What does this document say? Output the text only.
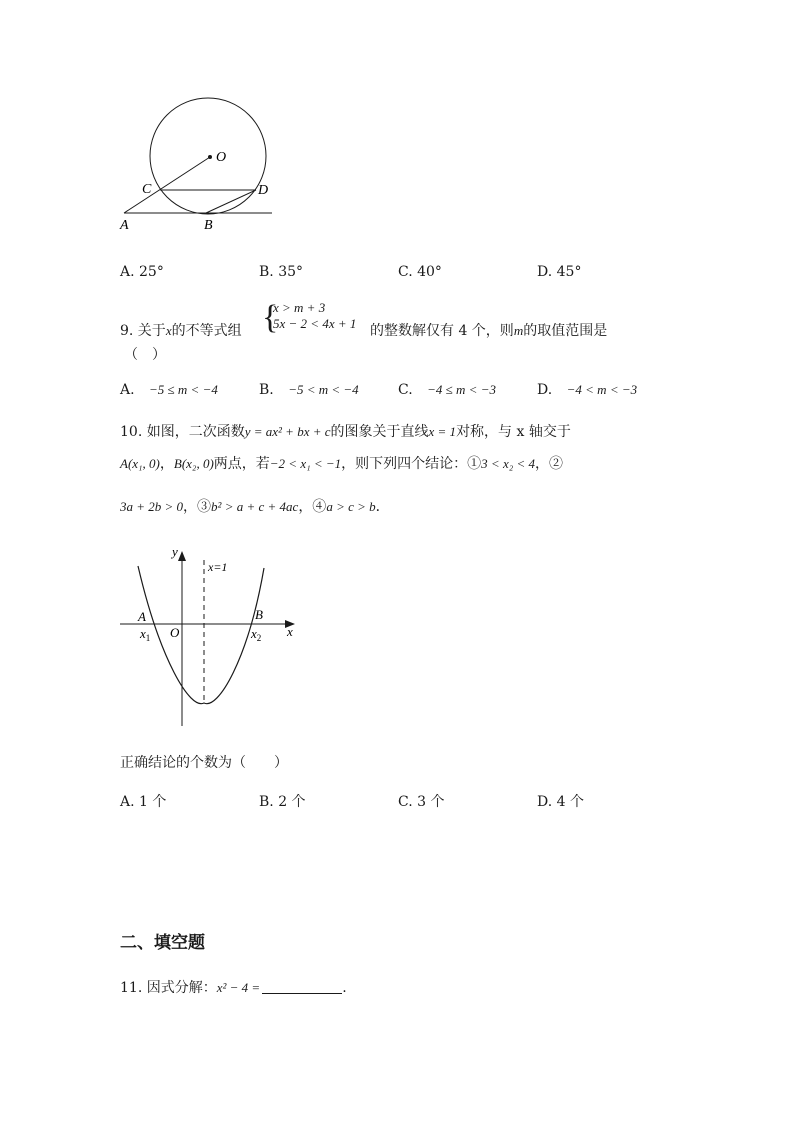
O
C	D
A	B
A. 25°	B. 35°	C. 40°	D. 45°
{
x > m + 3
5x − 2 < 4x + 1
9. 关于x的不等式组	的整数解仅有 4 个，则m的取值范围是
（　）
A. −5 ≤ m < −4	B. −5 < m < −4	C. −4 ≤ m < −3	D. −4 < m < −3
10. 如图，二次函数y = ax² + bx + c的图象关于直线x = 1对称，与 x 轴交于
A(x₁, 0)，B(x₂, 0)两点，若−2 < x₁ < −1，则下列四个结论：①3 < x₂ < 4，②
3a + 2b > 0，③b² > a + c + 4ac，④a > c > b．
y
x
x=1
A	B
O
$x_1$	$x_2$
正确结论的个数为（　　）
A. 1 个	B. 2 个	C. 3 个	D. 4 个
二、填空题
11. 因式分解：x² − 4 =	.
